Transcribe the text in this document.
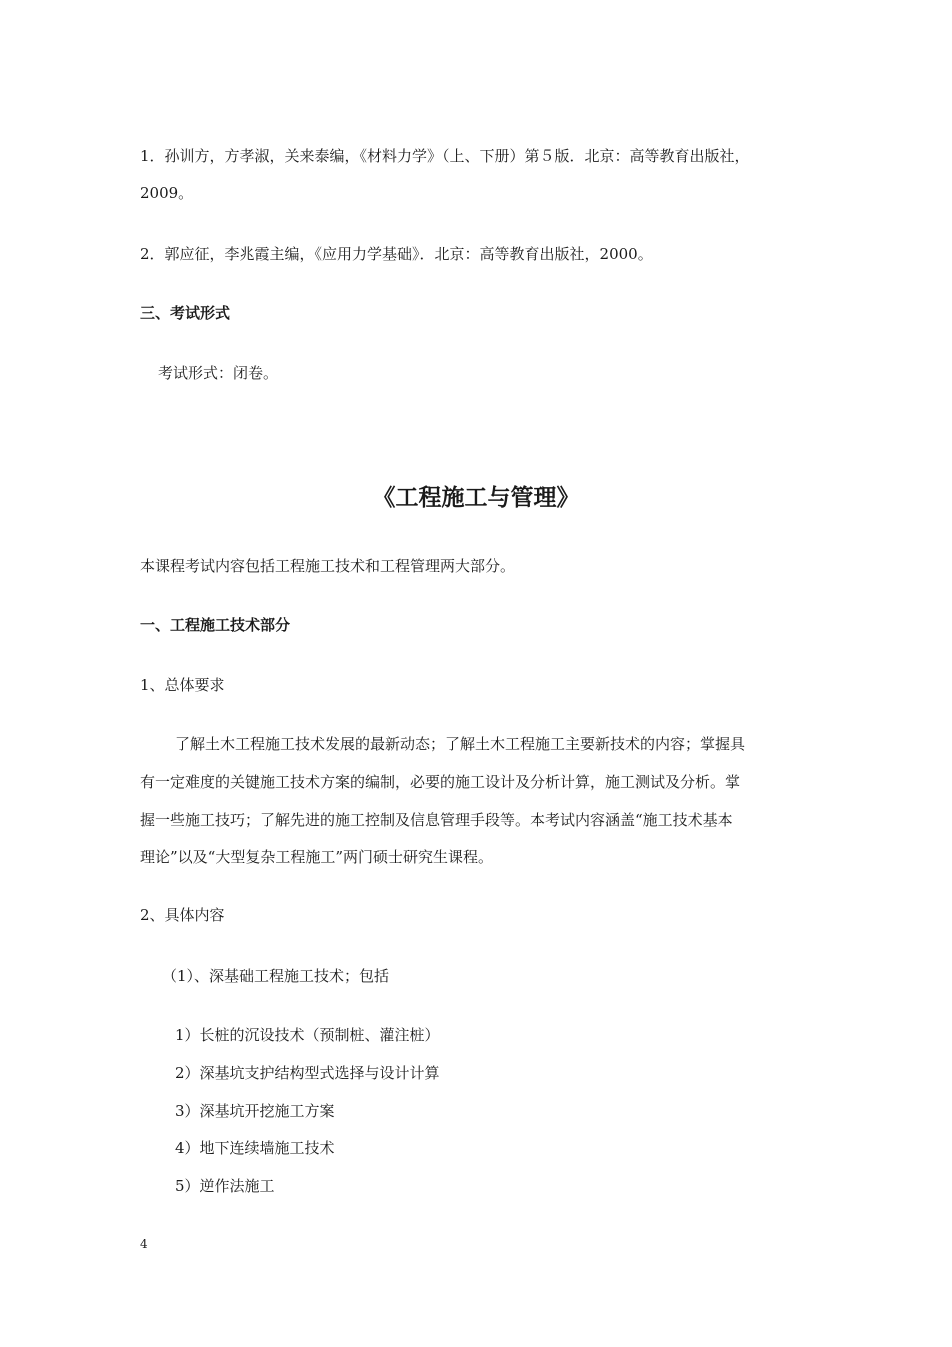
1．孙训方，方孝淑，关来泰编，《材料力学》（上、下册）第５版．北京：高等教育出版社，
2009。
2．郭应征，李兆霞主编，《应用力学基础》．北京：高等教育出版社，2000。
三、考试形式
考试形式：闭卷。
《工程施工与管理》
本课程考试内容包括工程施工技术和工程管理两大部分。
一、工程施工技术部分
1、总体要求
了解土木工程施工技术发展的最新动态；了解土木工程施工主要新技术的内容；掌握具
有一定难度的关键施工技术方案的编制，必要的施工设计及分析计算，施工测试及分析。掌
握一些施工技巧；了解先进的施工控制及信息管理手段等。本考试内容涵盖“施工技术基本
理论”以及“大型复杂工程施工”两门硕士研究生课程。
2、具体内容
（1）、深基础工程施工技术；包括
1）长桩的沉设技术（预制桩、灌注桩）
2）深基坑支护结构型式选择与设计计算
3）深基坑开挖施工方案
4）地下连续墙施工技术
5）逆作法施工
4
